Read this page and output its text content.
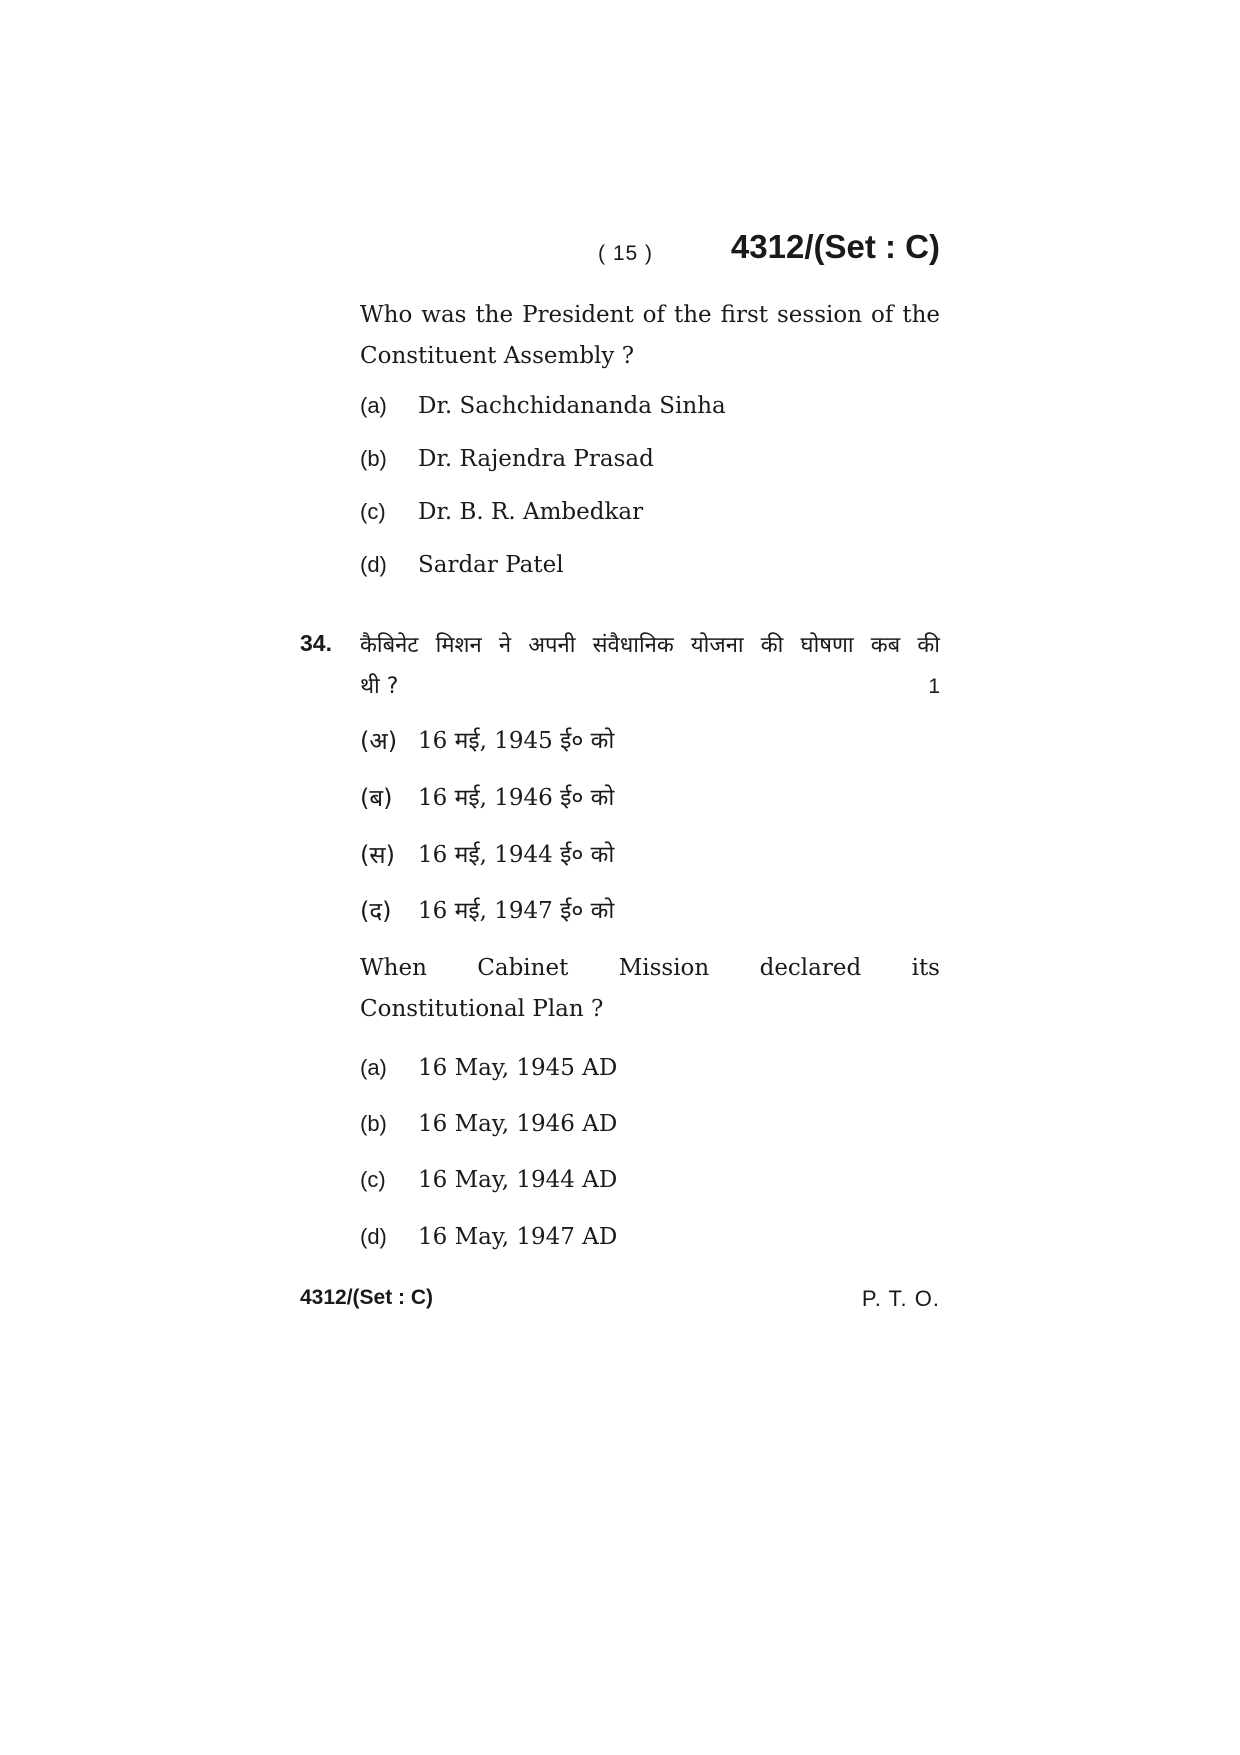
( 15 ) 4312/(Set : C)
Who was the President of the first session of the Constituent Assembly ?
(a) Dr. Sachchidananda Sinha
(b) Dr. Rajendra Prasad
(c) Dr. B. R. Ambedkar
(d) Sardar Patel
34. कैबिनेट मिशन ने अपनी संवैधानिक योजना की घोषणा कब की
थी ?	1
(अ) 16 मई, 1945 ई० को
(ब) 16 मई, 1946 ई० को
(स) 16 मई, 1944 ई० को
(द) 16 मई, 1947 ई० को
When Cabinet Mission declared its
Constitutional Plan ?
(a) 16 May, 1945 AD
(b) 16 May, 1946 AD
(c) 16 May, 1944 AD
(d) 16 May, 1947 AD
4312/(Set : C)	P. T. O.
